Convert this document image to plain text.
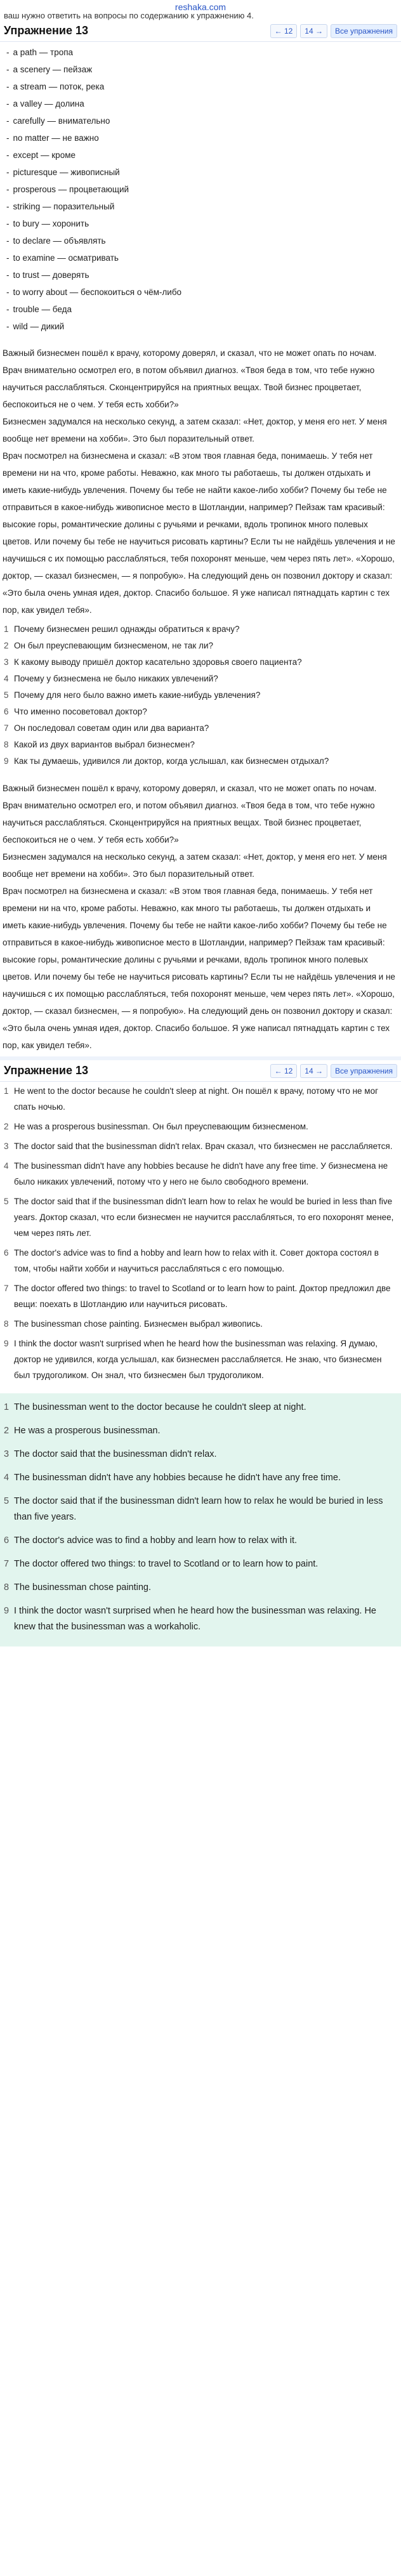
reshaka.com
ваш нужно ответить на вопросы по содержанию к упражнению 4.
Упражнение 13	← 12	14 →	Все упражнения
- a path — тропа
- a scenery — пейзаж
- a stream — поток, река
- a valley — долина
- carefully — внимательно
- no matter — не важно
- except — кроме
- picturesque — живописный
- prosperous — процветающий
- striking — поразительный
- to bury — хоронить
- to declare — объявлять
- to examine — осматривать
- to trust — доверять
- to worry about — беспокоиться о чём-либо
- trouble — беда
- wild — дикий

Важный бизнесмен пошёл к врачу, которому доверял, и сказал, что не может опать по ночам. Врач внимательно осмотрел его, в потом объявил диагноз. «Твоя беда в том, что тебе нужно научиться расслабляться. Сконцентрируйся на приятных вещах. Твой бизнес процветает, беспокоиться не о чем. У тебя есть хобби?»

Бизнесмен задумался на несколько секунд, а затем сказал: «Нет, доктор, у меня его нет. У меня вообще нет времени на хобби». Это был поразительный ответ.

Врач посмотрел на бизнесмена и сказал: «В этом твоя главная беда, понимаешь. У тебя нет времени ни на что, кроме работы. Неважно, как много ты работаешь, ты должен отдыхать и иметь какие-нибудь увлечения. Почему бы тебе не найти какое-либо хобби? Почему бы тебе не отправиться в какое-нибудь живописное место в Шотландии, например? Пейзаж там красивый: высокие горы, романтические долины с ручьями и речками, вдоль тропинок много полевых цветов. Или почему бы тебе не научиться рисовать картины? Если ты не найдёшь увлечения и не научишься с их помощью расслабляться, тебя похоронят меньше, чем через пять лет». «Хорошо, доктор, — сказал бизнесмен, — я попробую». На следующий день он позвонил доктору и сказал: «Это была очень умная идея, доктор. Спасибо большое. Я уже написал пятнадцать картин с тех пор, как увидел тебя».

1 Почему бизнесмен решил однажды обратиться к врачу?
2 Он был преуспевающим бизнесменом, не так ли?
3 К какому выводу пришёл доктор касательно здоровья своего пациента?
4 Почему у бизнесмена не было никаких увлечений?
5 Почему для него было важно иметь какие-нибудь увлечения?
6 Что именно посоветовал доктор?
7 Он последовал советам один или два варианта?
8 Какой из двух вариантов выбрал бизнесмен?
9 Как ты думаешь, удивился ли доктор, когда услышал, как бизнесмен отдыхал?

Важный бизнесмен пошёл к врачу, которому доверял, и сказал, что не может опать по ночам. Врач внимательно осмотрел его, и потом объявил диагноз. «Твоя беда в том, что тебе нужно научиться расслабляться. Сконцентрируйся на приятных вещах. Твой бизнес процветает, беспокоиться не о чем. У тебя есть хобби?»

Бизнесмен задумался на несколько секунд, а затем сказал: «Нет, доктор, у меня его нет. У меня вообще нет времени на хобби». Это был поразительный ответ.

Врач посмотрел на бизнесмена и сказал: «В этом твоя главная беда, понимаешь. У тебя нет времени ни на что, кроме работы. Неважно, как много ты работаешь, ты должен отдыхать и иметь какие-нибудь увлечения. Почему бы тебе не найти какое-либо хобби? Почему бы тебе не отправиться в какое-нибудь живописное место в Шотландии, например? Пейзаж там красивый: высокие горы, романтические долины с ручьями и речками, вдоль тропинок много полевых цветов. Или почему бы тебе не научиться рисовать картины? Если ты не найдёшь увлечения и не научишься с их помощью расслабляться, тебя похоронят меньше, чем через пять лет». «Хорошо, доктор, — сказал бизнесмен, — я попробую». На следующий день он позвонил доктору и сказал: «Это была очень умная идея, доктор. Спасибо большое. Я уже написал пятнадцать картин с тех пор, как увидел тебя».

Упражнение 13	← 12	14 →	Все упражнения
1 He went to the doctor because he couldn't sleep at night. Он пошёл к врачу, потому что не мог спать ночью.
2 He was a prosperous businessman. Он был преуспевающим бизнесменом.
3 The doctor said that the businessman didn't relax. Врач сказал, что бизнесмен не расслабляется.
4 The businessman didn't have any hobbies because he didn't have any free time. У бизнесмена не было никаких увлечений, потому что у него не было свободного времени.
5 The doctor said that if the businessman didn't learn how to relax he would be buried in less than five years. Доктор сказал, что если бизнесмен не научится расслабляться, то его похоронят менее, чем через пять лет.
6 The doctor's advice was to find a hobby and learn how to relax with it. Совет доктора состоял в том, чтобы найти хобби и научиться расслабляться с его помощью.
7 The doctor offered two things: to travel to Scotland or to learn how to paint. Доктор предложил две вещи: поехать в Шотландию или научиться рисовать.
8 The businessman chose painting. Бизнесмен выбрал живопись.
9 I think the doctor wasn't surprised when he heard how the businessman was relaxing. Я думаю, доктор не удивился, когда услышал, как бизнесмен расслабляется. Не знаю, что бизнесмен был трудоголиком. Он знал, что бизнесмен был трудоголиком.
1 The businessman went to the doctor because he couldn't sleep at night.
2 He was a prosperous businessman.
3 The doctor said that the businessman didn't relax.
4 The businessman didn't have any hobbies because he didn't have any free time.
5 The doctor said that if the businessman didn't learn how to relax he would be buried in less than five years.
6 The doctor's advice was to find a hobby and learn how to relax with it.
7 The doctor offered two things: to travel to Scotland or to learn how to paint.
8 The businessman chose painting.
9 I think the doctor wasn't surprised when he heard how the businessman was relaxing. He knew that the businessman was a workaholic.
